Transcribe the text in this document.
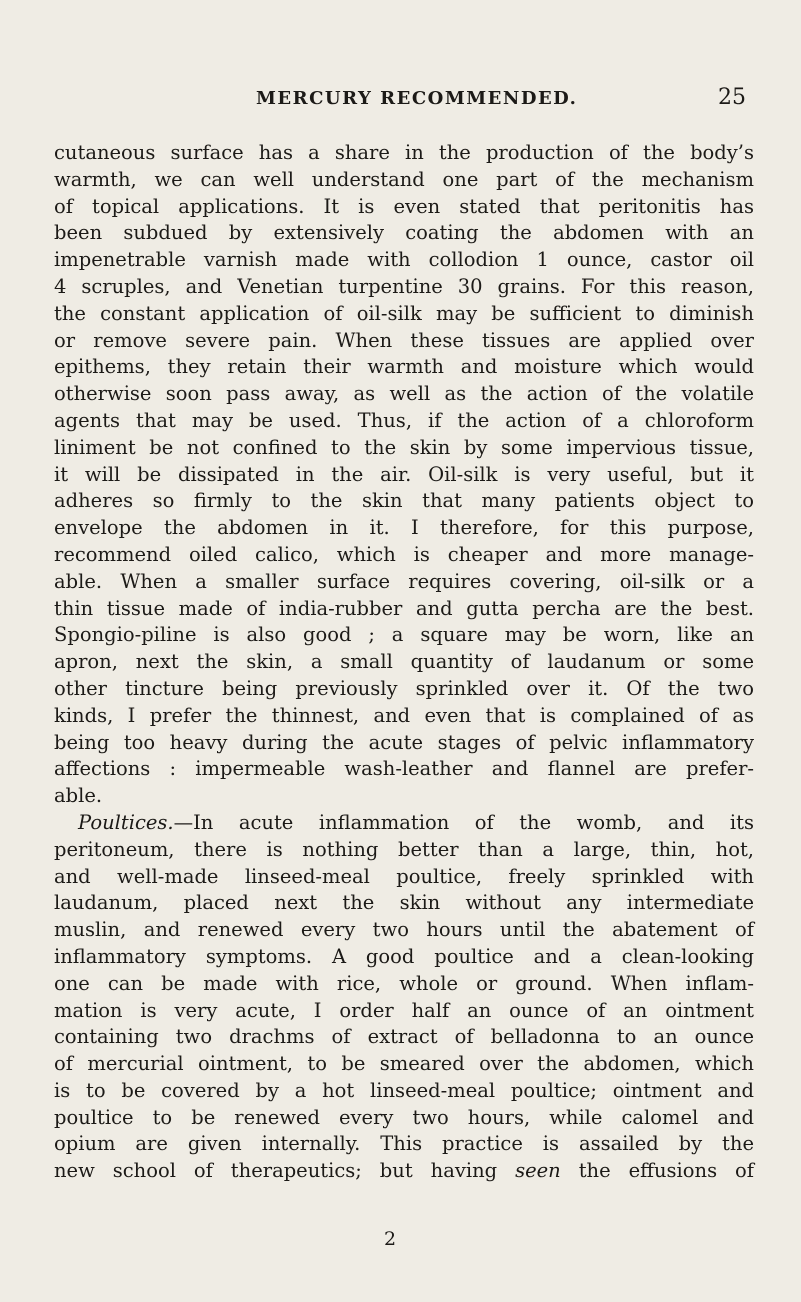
MERCURY RECOMMENDED.	25
cutaneous surface has a share in the production of the body’s
warmth, we can well understand one part of the mechanism
of topical applications. It is even stated that peritonitis has
been subdued by extensively coating the abdomen with an
impenetrable varnish made with collodion 1 ounce, castor oil
4 scruples, and Venetian turpentine 30 grains. For this reason,
the constant application of oil-silk may be sufficient to diminish
or remove severe pain. When these tissues are applied over
epithems, they retain their warmth and moisture which would
otherwise soon pass away, as well as the action of the volatile
agents that may be used. Thus, if the action of a chloroform
liniment be not confined to the skin by some impervious tissue,
it will be dissipated in the air. Oil-silk is very useful, but it
adheres so firmly to the skin that many patients object to
envelope the abdomen in it. I therefore, for this purpose,
recommend oiled calico, which is cheaper and more manage-
able. When a smaller surface requires covering, oil-silk or a
thin tissue made of india-rubber and gutta percha are the best.
Spongio-piline is also good ; a square may be worn, like an
apron, next the skin, a small quantity of laudanum or some
other tincture being previously sprinkled over it. Of the two
kinds, I prefer the thinnest, and even that is complained of as
being too heavy during the acute stages of pelvic inflammatory
affections : impermeable wash-leather and flannel are prefer-
able.
Poultices.—In acute inflammation of the womb, and its
peritoneum, there is nothing better than a large, thin, hot,
and well-made linseed-meal poultice, freely sprinkled with
laudanum, placed next the skin without any intermediate
muslin, and renewed every two hours until the abatement of
inflammatory symptoms. A good poultice and a clean-looking
one can be made with rice, whole or ground. When inflam-
mation is very acute, I order half an ounce of an ointment
containing two drachms of extract of belladonna to an ounce
of mercurial ointment, to be smeared over the abdomen, which
is to be covered by a hot linseed-meal poultice; ointment and
poultice to be renewed every two hours, while calomel and
opium are given internally. This practice is assailed by the
new school of therapeutics; but having seen the effusions of
2
